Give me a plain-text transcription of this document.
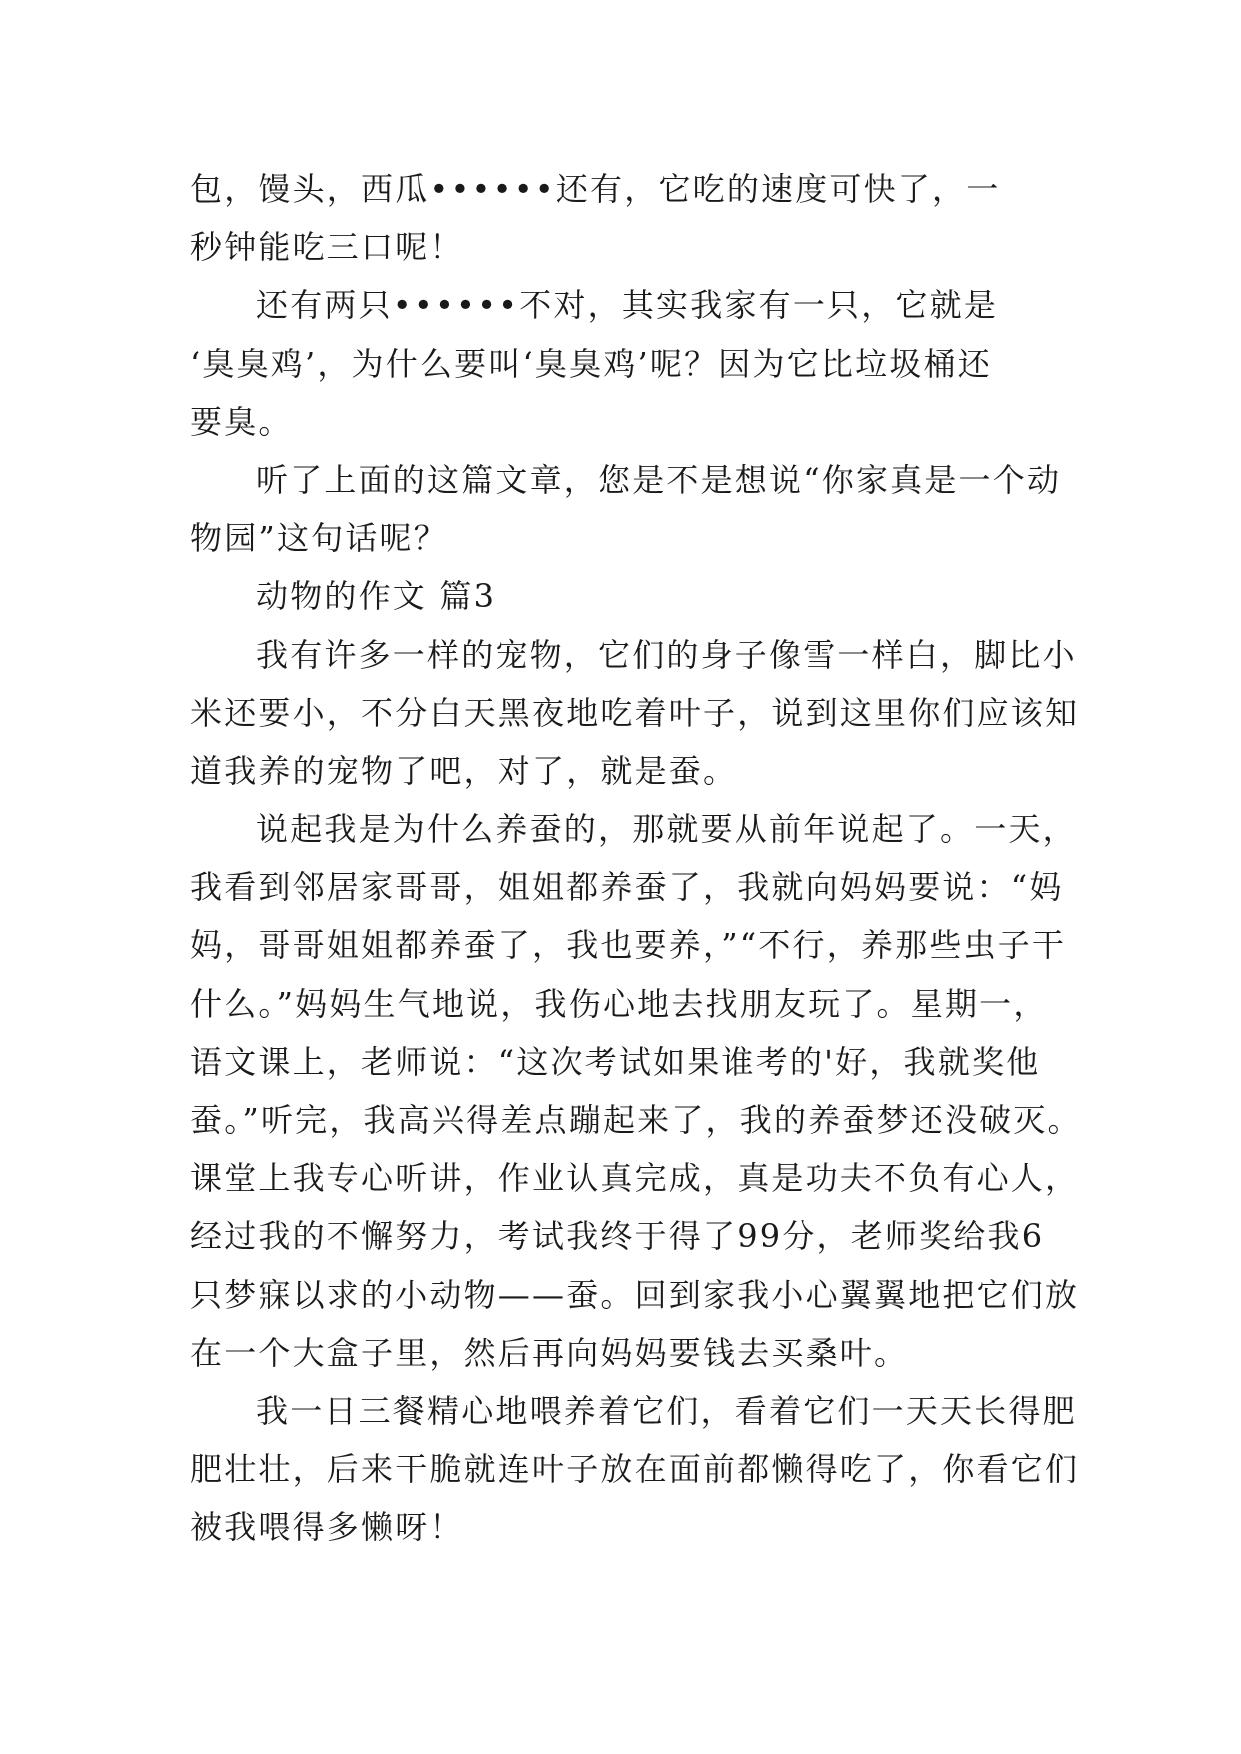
包，馒头，西瓜••••••还有，它吃的速度可快了，一
秒钟能吃三口呢！
还有两只••••••不对，其实我家有一只，它就是
‘臭臭鸡’，为什么要叫‘臭臭鸡’呢？因为它比垃圾桶还
要臭。
听了上面的这篇文章，您是不是想说“你家真是一个动
物园”这句话呢？
动物的作文 篇3
我有许多一样的宠物，它们的身子像雪一样白，脚比小
米还要小，不分白天黑夜地吃着叶子，说到这里你们应该知
道我养的宠物了吧，对了，就是蚕。
说起我是为什么养蚕的，那就要从前年说起了。一天，
我看到邻居家哥哥，姐姐都养蚕了，我就向妈妈要说：“妈
妈，哥哥姐姐都养蚕了，我也要养，”“不行，养那些虫子干
什么。”妈妈生气地说，我伤心地去找朋友玩了。星期一，
语文课上，老师说：“这次考试如果谁考的'好，我就奖他
蚕。”听完，我高兴得差点蹦起来了，我的养蚕梦还没破灭。
课堂上我专心听讲，作业认真完成，真是功夫不负有心人，
经过我的不懈努力，考试我终于得了99分，老师奖给我6
只梦寐以求的小动物——蚕。回到家我小心翼翼地把它们放
在一个大盒子里，然后再向妈妈要钱去买桑叶。
我一日三餐精心地喂养着它们，看着它们一天天长得肥
肥壮壮，后来干脆就连叶子放在面前都懒得吃了，你看它们
被我喂得多懒呀！
